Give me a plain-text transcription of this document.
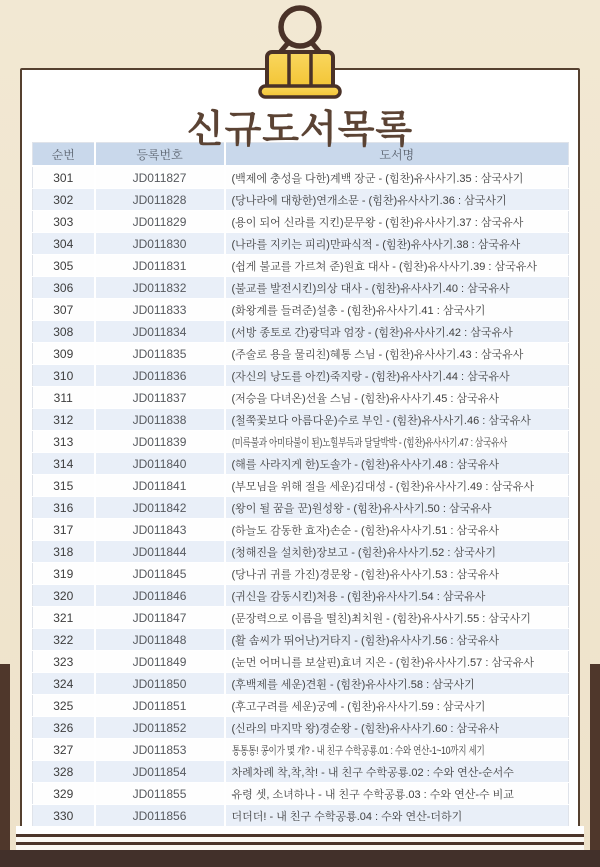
신규도서목록
순번	등록번호	도서명
301	JD011827	(백제에 충성을 다한)계백 장군 - (힘찬)유사사기.35 : 삼국사기
302	JD011828	(당나라에 대항한)연개소문 - (힘찬)유사사기.36 : 삼국사기
303	JD011829	(용이 되어 신라를 지킨)문무왕 - (힘찬)유사사기.37 : 삼국유사
304	JD011830	(나라를 지키는 피리)만파식적 - (힘찬)유사사기.38 : 삼국유사
305	JD011831	(쉽게 불교를 가르쳐 준)원효 대사 - (힘찬)유사사기.39 : 삼국유사
306	JD011832	(불교를 발전시킨)의상 대사 - (힘찬)유사사기.40 : 삼국유사
307	JD011833	(화왕계를 들려준)설총 - (힘찬)유사사기.41 : 삼국사기
308	JD011834	(서방 종토로 간)광덕과 엄장 - (힘찬)유사사기.42 : 삼국유사
309	JD011835	(주술로 용을 물리친)혜통 스님 - (힘찬)유사사기.43 : 삼국유사
310	JD011836	(자신의 낭도를 아낀)죽지랑 - (힘찬)유사사기.44 : 삼국유사
311	JD011837	(저승을 다녀온)선율 스님 - (힘찬)유사사기.45 : 삼국유사
312	JD011838	(철쭉꽃보다 아름다운)수로 부인 - (힘찬)유사사기.46 : 삼국유사
313	JD011839	(미륵불과 아미타불이 된)노힐부득과 달달박박 - (힘찬)유사사기.47 : 삼국유사
314	JD011840	(해를 사라지게 한)도솔가 - (힘찬)유사사기.48 : 삼국유사
315	JD011841	(부모님을 위해 절을 세운)김대성 - (힘찬)유사사기.49 : 삼국유사
316	JD011842	(왕이 될 꿈을 꾼)원성왕 - (힘찬)유사사기.50 : 삼국유사
317	JD011843	(하늘도 감동한 효자)손순 - (힘찬)유사사기.51 : 삼국유사
318	JD011844	(청해진을 설치한)장보고 - (힘찬)유사사기.52 : 삼국사기
319	JD011845	(당나귀 귀를 가진)경문왕 - (힘찬)유사사기.53 : 삼국유사
320	JD011846	(귀신을 감동시킨)처용 - (힘찬)유사사기.54 : 삼국유사
321	JD011847	(문장력으로 이름을 떨친)최치원 - (힘찬)유사사기.55 : 삼국사기
322	JD011848	(활 솜씨가 뛰어난)거타지 - (힘찬)유사사기.56 : 삼국유사
323	JD011849	(눈먼 어머니를 보살핀)효녀 지은 - (힘찬)유사사기.57 : 삼국유사
324	JD011850	(후백제를 세운)견훤 - (힘찬)유사사기.58 : 삼국사기
325	JD011851	(후고구려를 세운)궁예 - (힘찬)유사사기.59 : 삼국사기
326	JD011852	(신라의 마지막 왕)경순왕 - (힘찬)유사사기.60 : 삼국유사
327	JD011853	통통통! 콩이가 몇 개? - 내 친구 수학공룡.01 : 수와 연산-1~10까지 세기
328	JD011854	차례차례 착,착,착! - 내 친구 수학공룡.02 : 수와 연산-순서수
329	JD011855	유령 셋, 소녀하나 - 내 친구 수학공룡.03 : 수와 연산-수 비교
330	JD011856	더더더! - 내 친구 수학공룡.04 : 수와 연산-더하기
